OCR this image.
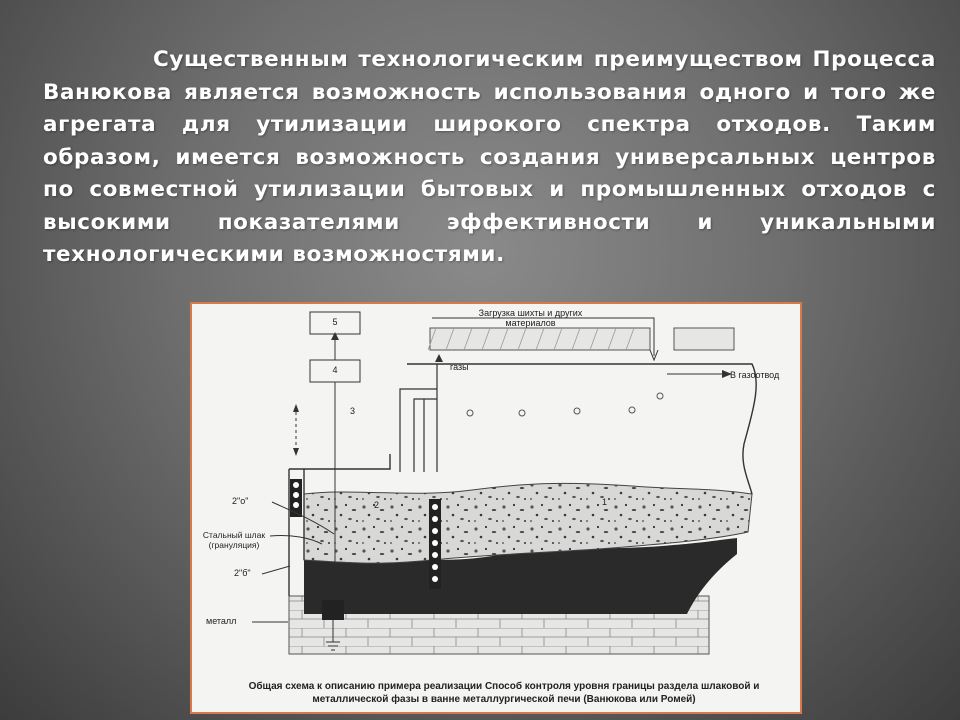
Существенным технологическим преимуществом Процесса Ванюкова является возможность использования одного и того же агрегата для утилизации широкого спектра отходов. Таким образом, имеется возможность создания универсальных центров по совместной утилизации бытовых и промышленных отходов с высокими показателями эффективности и уникальными технологическими возможностями.

5
4
3
2	1
Загрузка шихты и других материалов
газы
В газоотвод
2"о"
Стальный шлак (грануляция)
2"б"
металл
Общая схема к описанию примера реализации Способ контроля уровня границы раздела шлаковой и металлической фазы в ванне металлургической печи (Ванюкова или Ромей)
